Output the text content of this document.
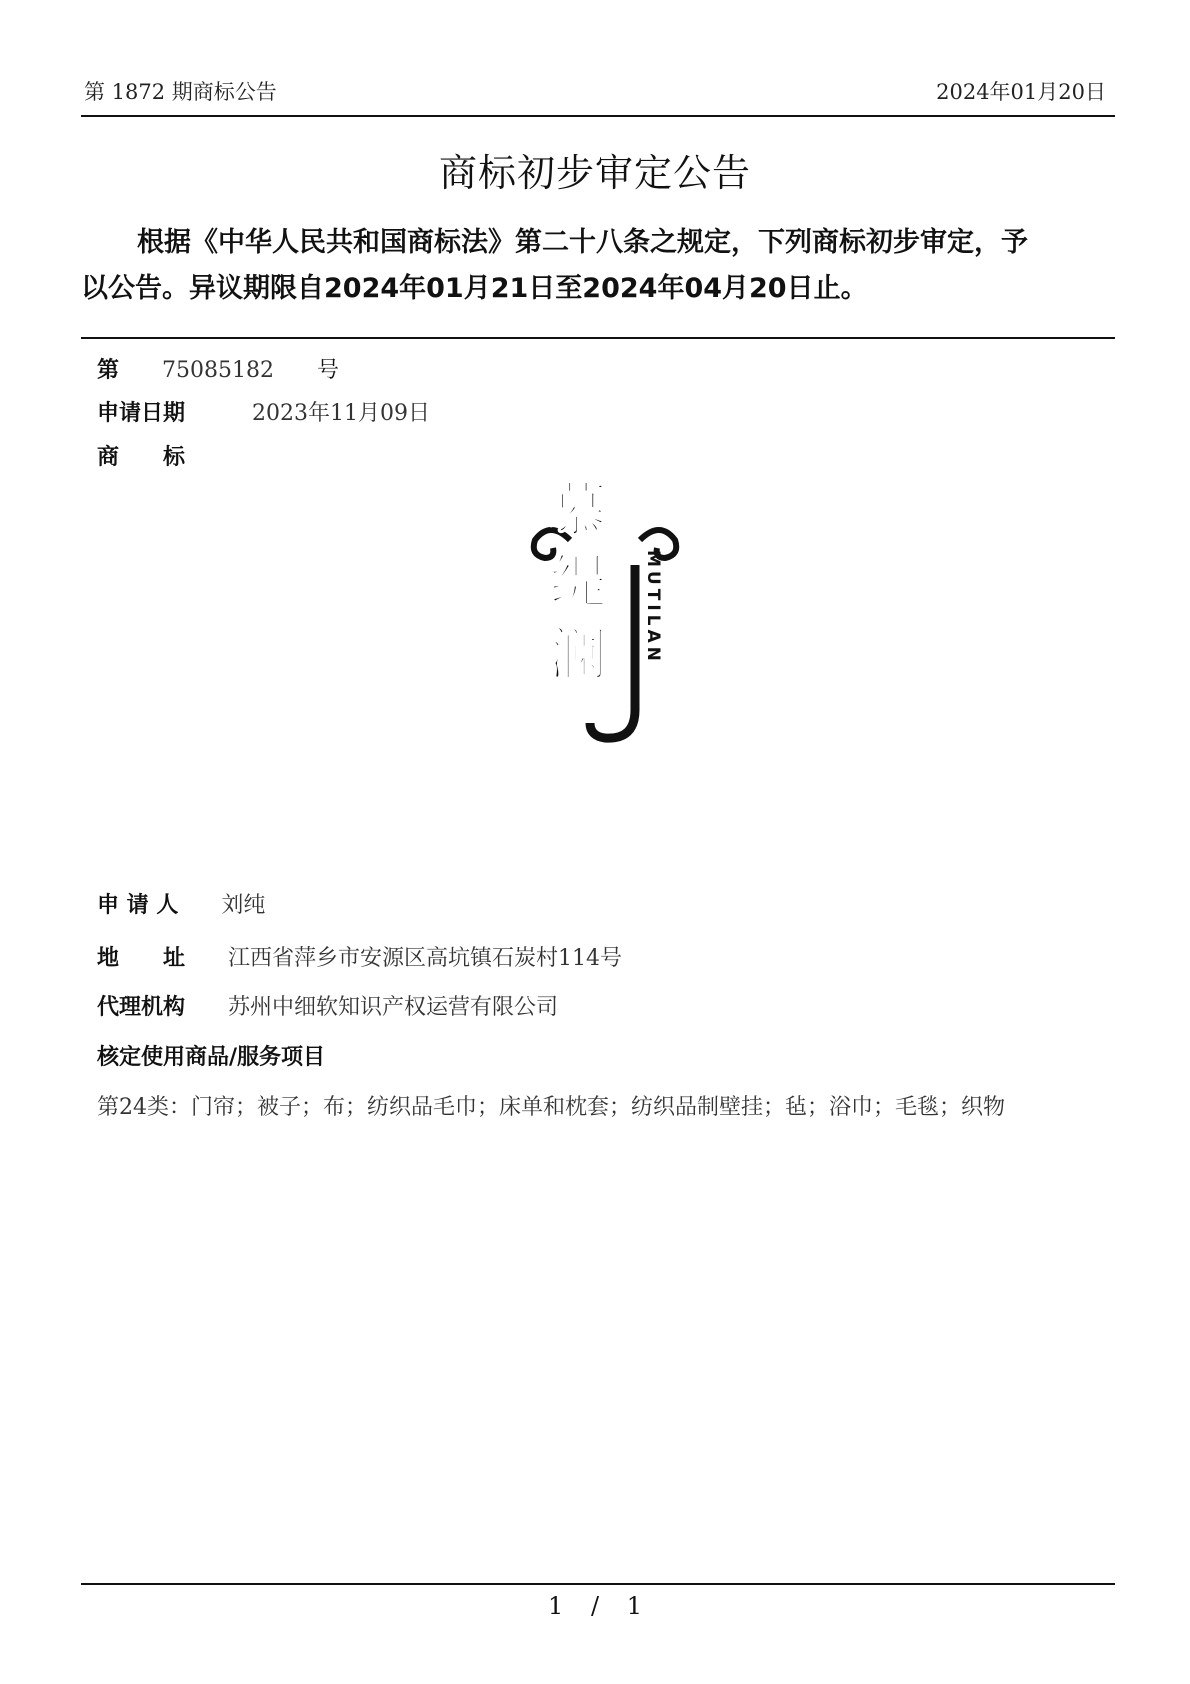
第 1872 期商标公告	2024年01月20日
商标初步审定公告
根据《中华人民共和国商标法》第二十八条之规定，下列商标初步审定，予
以公告。异议期限自2024年01月21日至2024年04月20日止。
第 75085182 号
申请日期	2023年11月09日
商　　标
慕
缇
澜 MUTILAN
申 请 人 刘纯
地　　址 江西省萍乡市安源区高坑镇石炭村114号
代理机构 苏州中细软知识产权运营有限公司
核定使用商品/服务项目
第24类：门帘；被子；布；纺织品毛巾；床单和枕套；纺织品制壁挂；毡；浴巾；毛毯；织物
1 / 1
